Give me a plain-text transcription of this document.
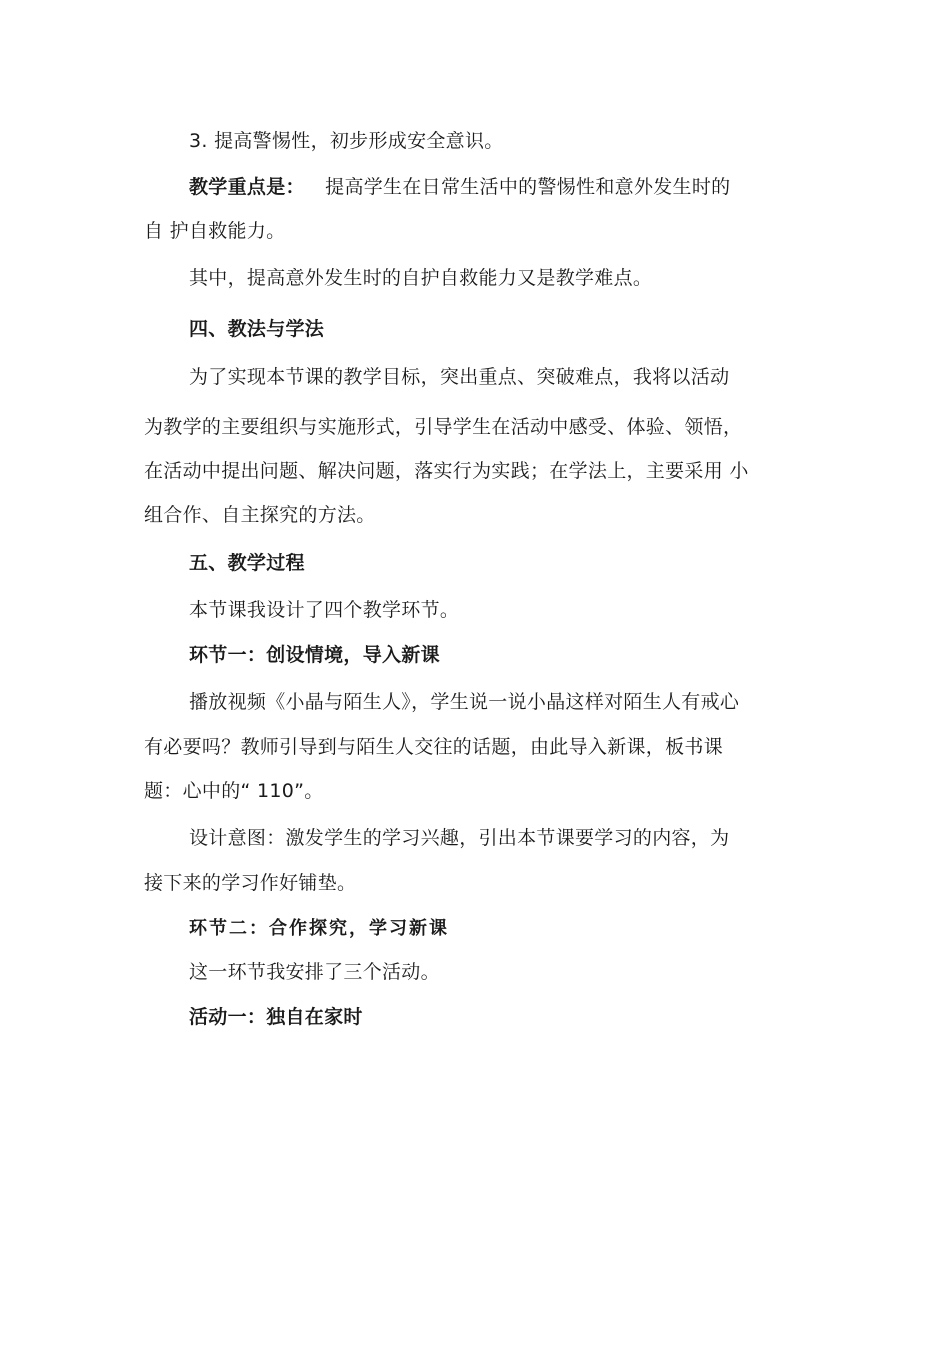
3. 提高警惕性，初步形成安全意识。
教学重点是： 提高学生在日常生活中的警惕性和意外发生时的
自 护自救能力。
其中，提高意外发生时的自护自救能力又是教学难点。
四、教法与学法
为了实现本节课的教学目标，突出重点、突破难点，我将以活动
为教学的主要组织与实施形式，引导学生在活动中感受、体验、领悟，
在活动中提出问题、解决问题，落实行为实践；在学法上，主要采用 小
组合作、自主探究的方法。
五、教学过程
本节课我设计了四个教学环节。
环节一：创设情境，导入新课
播放视频《小晶与陌生人》，学生说一说小晶这样对陌生人有戒心
有必要吗？教师引导到与陌生人交往的话题，由此导入新课，板书课
题：心中的“ 110”。
设计意图：激发学生的学习兴趣，引出本节课要学习的内容，为
接下来的学习作好铺垫。
环节二：合作探究，学习新课
这一环节我安排了三个活动。
活动一：独自在家时
